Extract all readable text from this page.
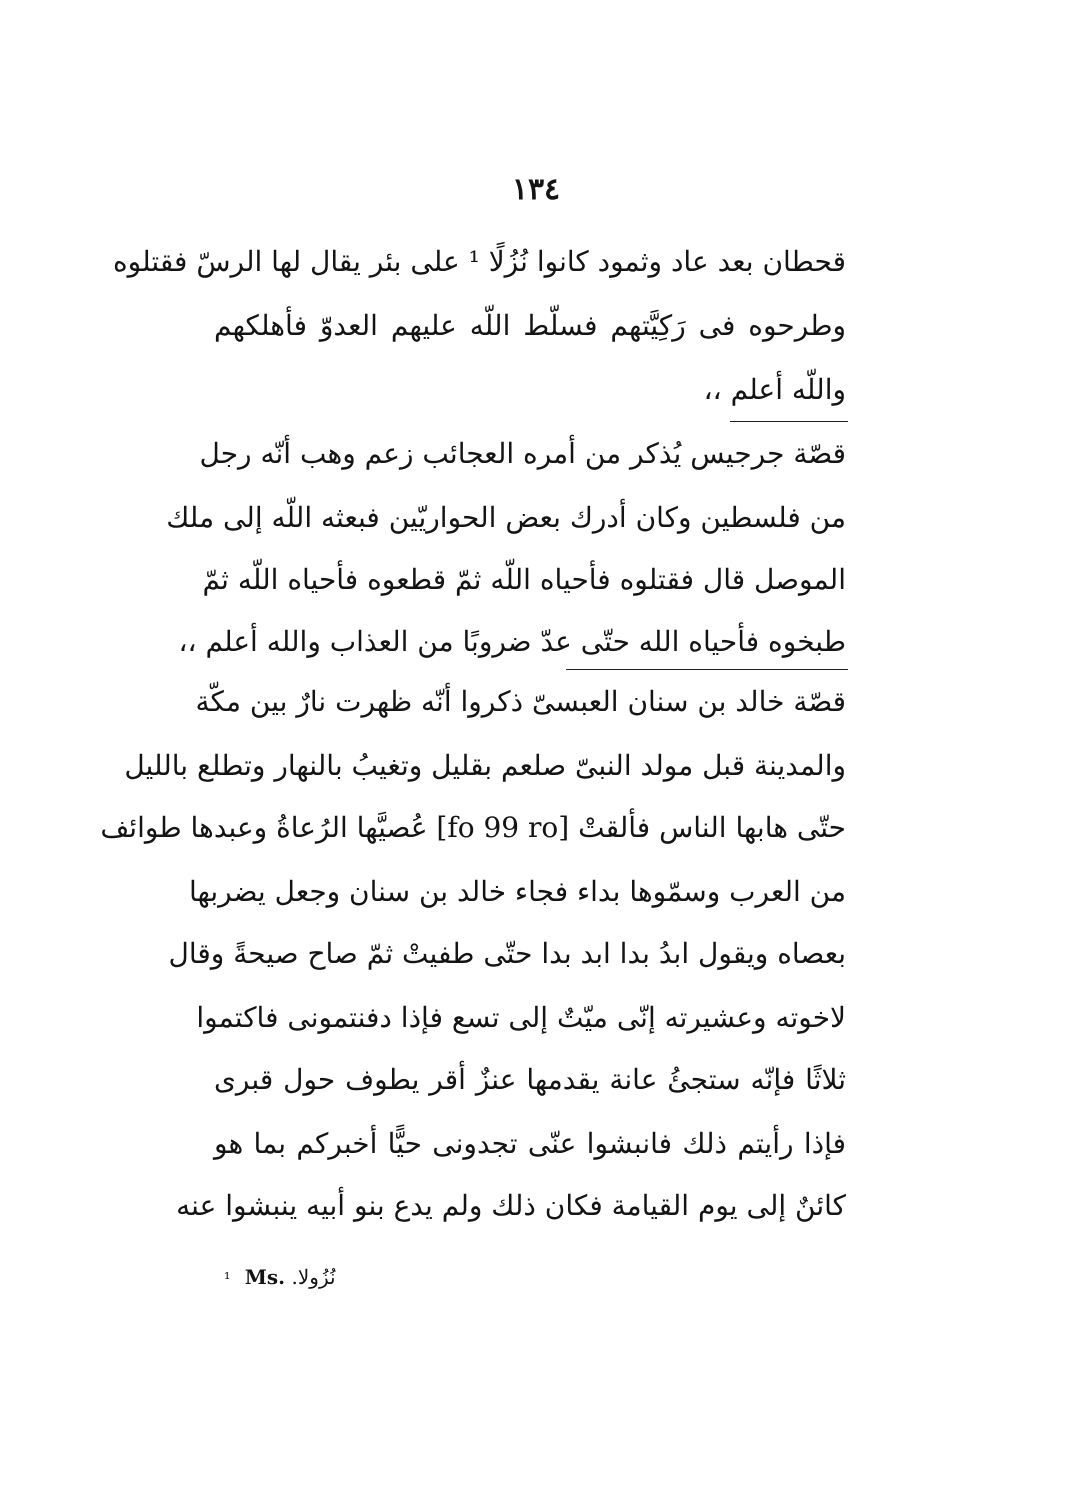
١٣٤
قحطان بعد عاد وثمود كانوا نُزُلًا ¹ على بئر يقال لها الرسّ فقتلوه
وطرحوه فى رَكِيَّتهم فسلّط اللّه عليهم العدوّ فأهلكهم
واللّه أعلم ،،
قصّة جرجيس يُذكر من أمره العجائب زعم وهب أنّه رجل
من فلسطين وكان أدرك بعض الحواريّين فبعثه اللّه إلى ملك
الموصل قال فقتلوه فأحياه اللّه ثمّ قطعوه فأحياه اللّه ثمّ
طبخوه فأحياه الله حتّى عدّ ضروبًا من العذاب والله أعلم ،،
قصّة خالد بن سنان العبسىّ ذكروا أنّه ظهرت نارٌ بين مكّة
والمدينة قبل مولد النبىّ صلعم بقليل وتغيبُ بالنهار وتطلع بالليل
حتّى هابها الناس فألقتْ [fo 99 ro] عُصيَّها الرُعاةُ وعبدها طوائف
من العرب وسمّوها بداء فجاء خالد بن سنان وجعل يضربها
بعصاه ويقول ابدُ بدا ابد بدا حتّى طفيتْ ثمّ صاح صيحةً وقال
لاخوته وعشيرته إنّى ميّتٌ إلى تسع فإذا دفنتمونى فاكتموا
ثلاثًا فإنّه ستجئُ عانة يقدمها عنزٌ أقر يطوف حول قبرى
فإذا رأيتم ذلك فانبشوا عنّى تجدونى حيًّا أخبركم بما هو
كائنٌ إلى يوم القيامة فكان ذلك ولم يدع بنو أبيه ينبشوا عنه
¹ Ms. نُزُولا.
